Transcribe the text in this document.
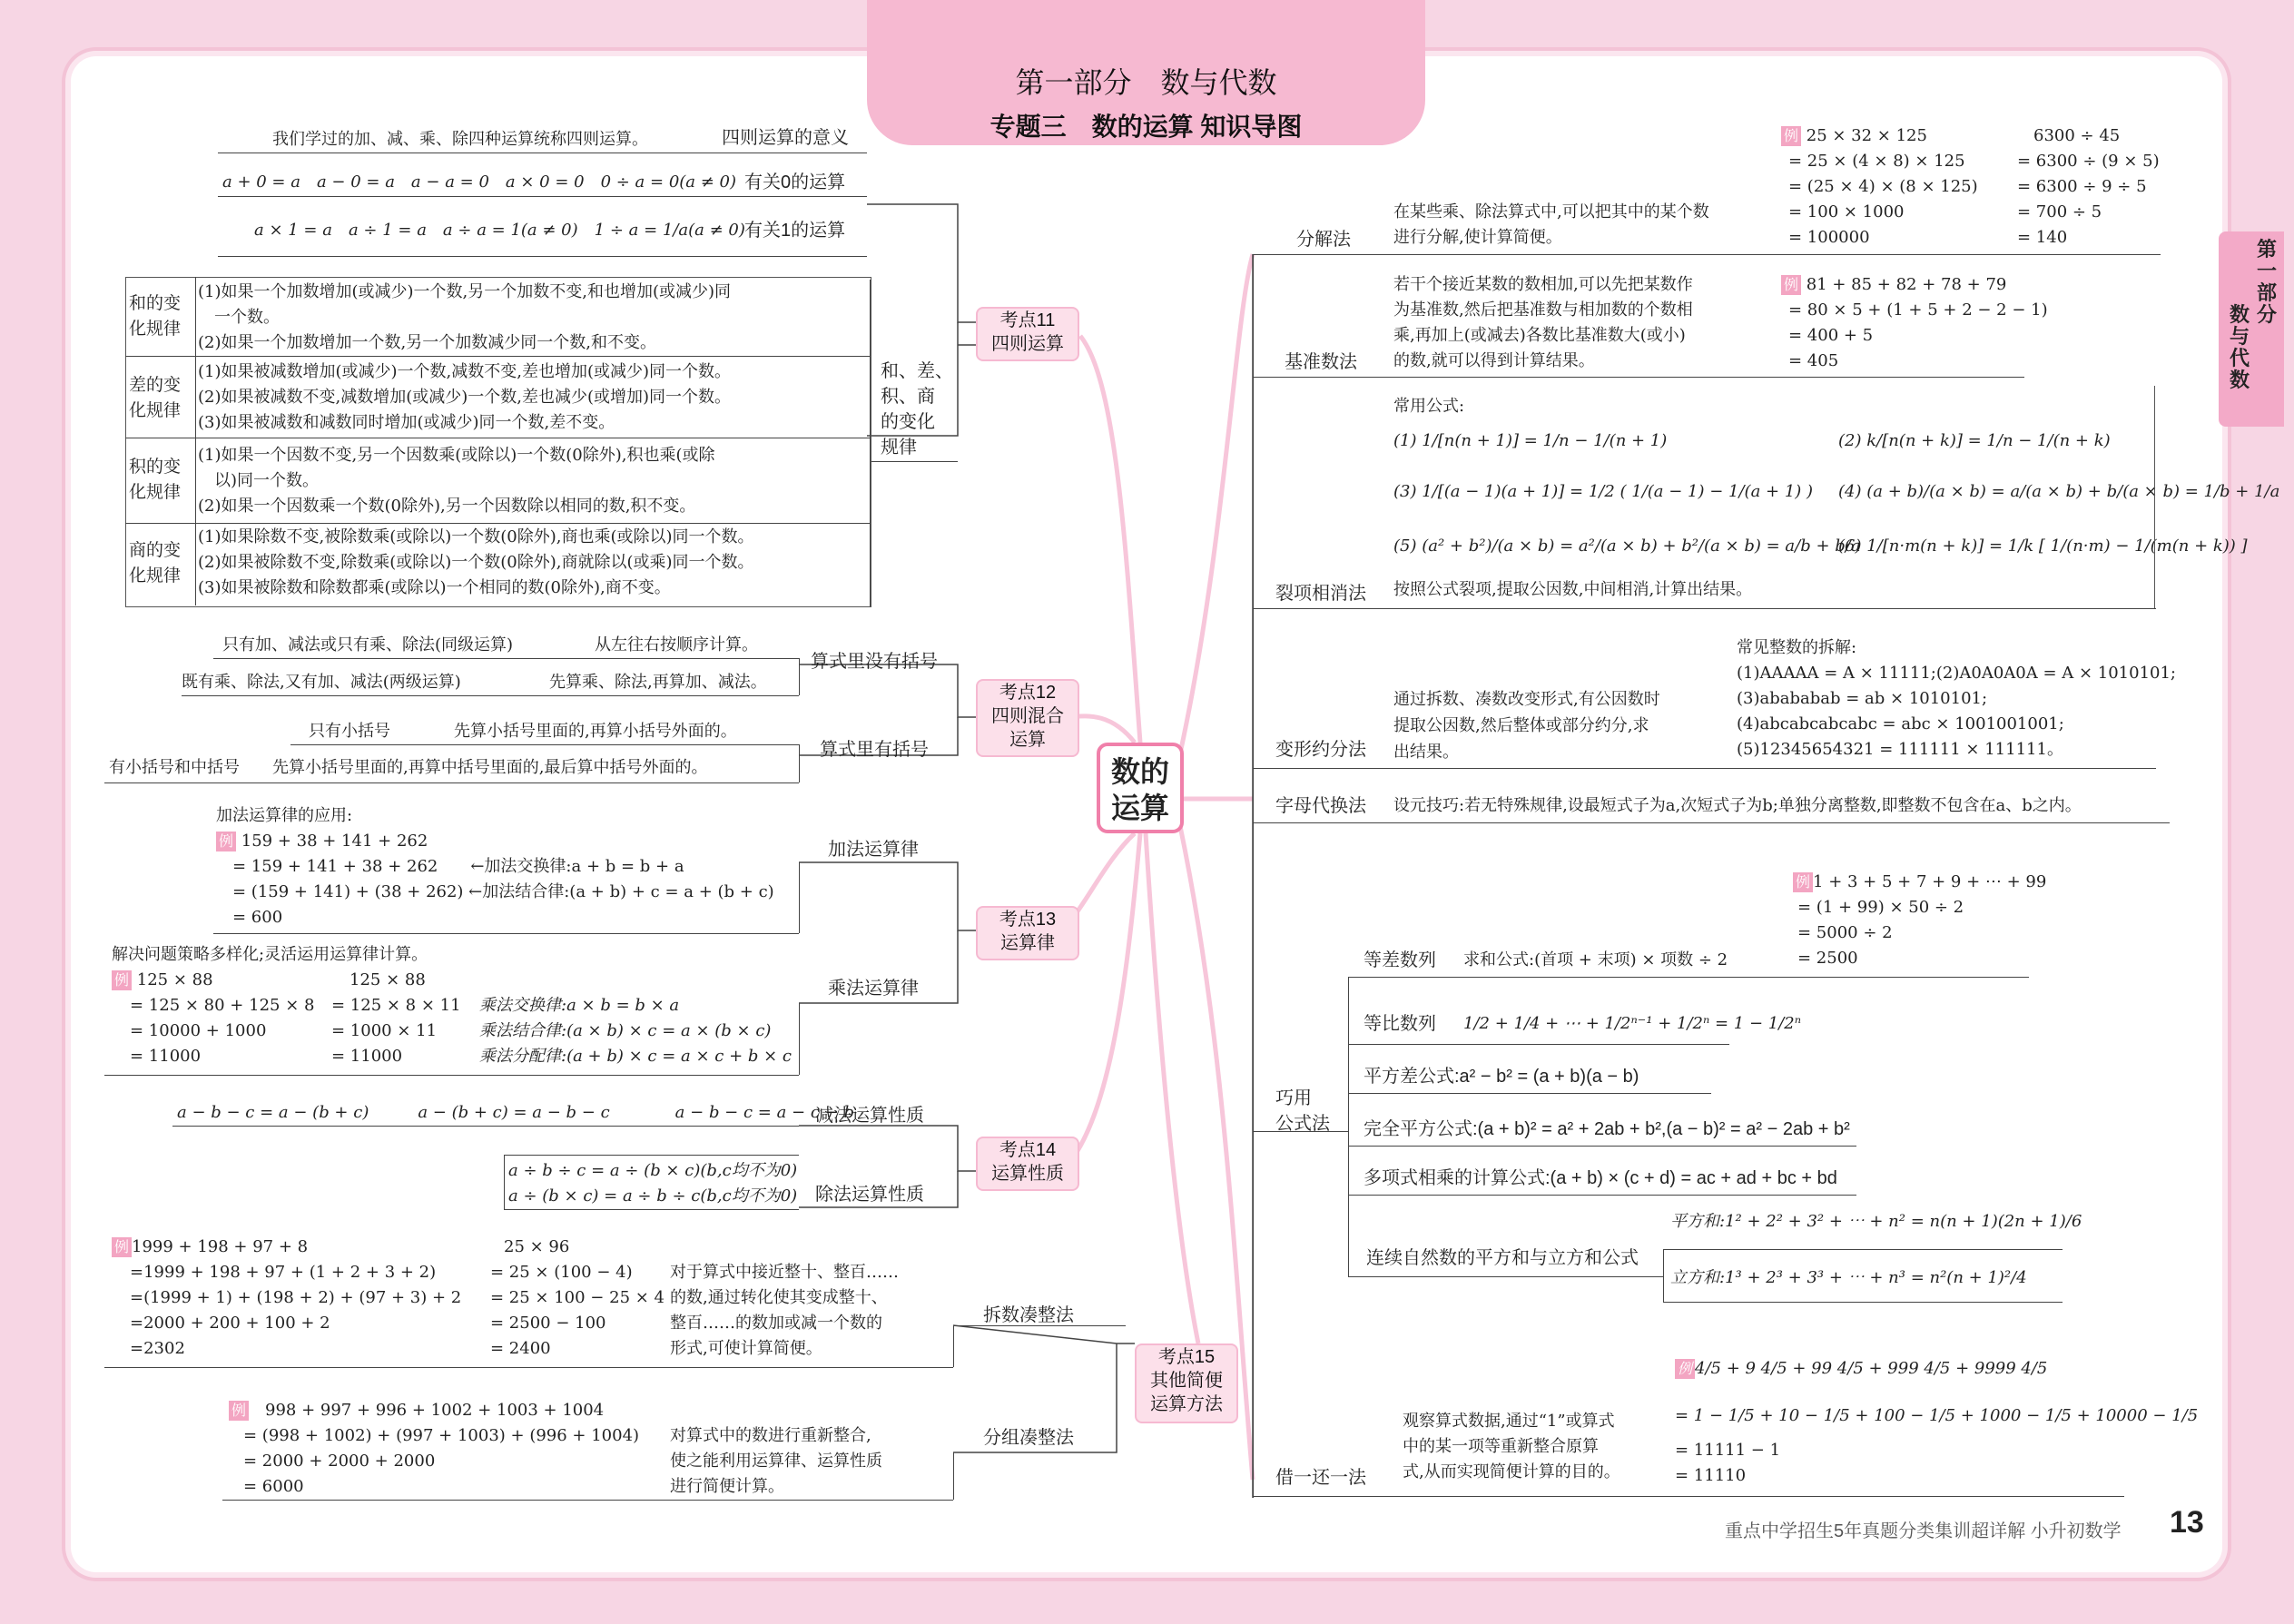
第一部分　数与代数
专题三　数的运算 知识导图
第一部分
数与代数
数的运算
考点11
四则运算
考点12
四则混合
运算
考点13
运算律
考点14
运算性质
考点15
其他简便
运算方法
我们学过的加、减、乘、除四种运算统称四则运算。	四则运算的意义
a + 0 = a　a − 0 = a　a − a = 0　a × 0 = 0　0 ÷ a = 0(a ≠ 0) 有关0的运算
a × 1 = a　a ÷ 1 = a　a ÷ a = 1(a ≠ 0)　1 ÷ a = 1/a(a ≠ 0) 有关1的运算
和、差、
积、商
的变化
规律
和的变
化规律
(1)如果一个加数增加(或减少)一个数,另一个加数不变,和也增加(或减少)同
　一个数。
(2)如果一个加数增加一个数,另一个加数减少同一个数,和不变。
差的变
化规律
(1)如果被减数增加(或减少)一个数,减数不变,差也增加(或减少)同一个数。
(2)如果被减数不变,减数增加(或减少)一个数,差也减少(或增加)同一个数。
(3)如果被减数和减数同时增加(或减少)同一个数,差不变。
积的变
化规律
(1)如果一个因数不变,另一个因数乘(或除以)一个数(0除外),积也乘(或除
　以)同一个数。
(2)如果一个因数乘一个数(0除外),另一个因数除以相同的数,积不变。
商的变
化规律
(1)如果除数不变,被除数乘(或除以)一个数(0除外),商也乘(或除以)同一个数。
(2)如果被除数不变,除数乘(或除以)一个数(0除外),商就除以(或乘)同一个数。
(3)如果被除数和除数都乘(或除以)一个相同的数(0除外),商不变。
只有加、减法或只有乘、除法(同级运算)	从左往右按顺序计算。
既有乘、除法,又有加、减法(两级运算)	先算乘、除法,再算加、减法。
算式里没有括号
只有小括号	先算小括号里面的,再算小括号外面的。
有小括号和中括号 先算小括号里面的,再算中括号里面的,最后算中括号外面的。
算式里有括号
加法运算律的应用:
例 159 + 38 + 141 + 262
= 159 + 141 + 38 + 262　　←加法交换律:a + b = b + a
= (159 + 141) + (38 + 262) ←加法结合律:(a + b) + c = a + (b + c)
= 600
加法运算律
解决问题策略多样化;灵活运用运算律计算。
例 125 × 88
= 125 × 80 + 125 × 8
= 10000 + 1000
= 11000
125 × 88
= 125 × 8 × 11
= 1000 × 11
= 11000
乘法交换律:a × b = b × a
乘法结合律:(a × b) × c = a × (b × c)
乘法分配律:(a + b) × c = a × c + b × c
乘法运算律
a − b − c = a − (b + c)　　　a − (b + c) = a − b − c　　　　a − b − c = a − c − b
减法运算性质
a ÷ b ÷ c = a ÷ (b × c)(b,c均不为0)
a ÷ (b × c) = a ÷ b ÷ c(b,c均不为0) 除法运算性质
例 1999 + 198 + 97 + 8
=1999 + 198 + 97 + (1 + 2 + 3 + 2)
=(1999 + 1) + (198 + 2) + (97 + 3) + 2
=2000 + 200 + 100 + 2
=2302
25 × 96
= 25 × (100 − 4)
= 25 × 100 − 25 × 4
= 2500 − 100
= 2400
对于算式中接近整十、整百……
的数,通过转化使其变成整十、
整百……的数加或减一个数的
形式,可使计算简便。
拆数凑整法
例　 998 + 997 + 996 + 1002 + 1003 + 1004
= (998 + 1002) + (997 + 1003) + (996 + 1004)
= 2000 + 2000 + 2000
= 6000
对算式中的数进行重新整合,
使之能利用运算律、运算性质
进行简便计算。
分组凑整法
分解法
在某些乘、除法算式中,可以把其中的某个数
进行分解,使计算简便。
例 25 × 32 × 125
= 25 × (4 × 8) × 125
= (25 × 4) × (8 × 125)
= 100 × 1000
= 100000
6300 ÷ 45
= 6300 ÷ (9 × 5)
= 6300 ÷ 9 ÷ 5
= 700 ÷ 5
= 140
基准数法
若干个接近某数的数相加,可以先把某数作
为基准数,然后把基准数与相加数的个数相
乘,再加上(或减去)各数比基准数大(或小)
的数,就可以得到计算结果。
例 81 + 85 + 82 + 78 + 79
= 80 × 5 + (1 + 5 + 2 − 2 − 1)
= 400 + 5
= 405
常用公式:
(1) 1/[n(n + 1)] = 1/n − 1/(n + 1)	(2) k/[n(n + k)] = 1/n − 1/(n + k)
(3) 1/[(a − 1)(a + 1)] = 1/2 ( 1/(a − 1) − 1/(a + 1) ) (4) (a + b)/(a × b) = a/(a × b) + b/(a × b) = 1/b + 1/a
(5) (a² + b²)/(a × b) = a²/(a × b) + b²/(a × b) = a/b + b/a
(6) 1/[n·m(n + k)] = 1/k [ 1/(n·m) − 1/(m(n + k)) ]
按照公式裂项,提取公因数,中间相消,计算出结果。
裂项相消法
通过拆数、凑数改变形式,有公因数时
提取公因数,然后整体或部分约分,求
出结果。
常见整数的拆解:
(1)AAAAA = A × 11111;(2)A0A0A0A = A × 1010101;
(3)abababab = ab × 1010101;
(4)abcabcabcabc = abc × 1001001001;
(5)12345654321 = 111111 × 111111。
变形约分法
字母代换法 设元技巧:若无特殊规律,设最短式子为a,次短式子为b;单独分离整数,即整数不包含在a、b之内。
例 1 + 3 + 5 + 7 + 9 + ⋯ + 99
= (1 + 99) × 50 ÷ 2
= 5000 ÷ 2
= 2500
等差数列 求和公式:(首项 + 末项) × 项数 ÷ 2
等比数列 1/2 + 1/4 + ⋯ + 1/2ⁿ⁻¹ + 1/2ⁿ = 1 − 1/2ⁿ
平方差公式:a² − b² = (a + b)(a − b)
完全平方公式:(a + b)² = a² + 2ab + b²,(a − b)² = a² − 2ab + b²
多项式相乘的计算公式:(a + b) × (c + d) = ac + ad + bc + bd
平方和:1² + 2² + 3² + ⋯ + n² = n(n + 1)(2n + 1)/6
立方和:1³ + 2³ + 3³ + ⋯ + n³ = n²(n + 1)²/4
连续自然数的平方和与立方和公式
巧用
公式法
例 4/5 + 9 4/5 + 99 4/5 + 999 4/5 + 9999 4/5
= 1 − 1/5 + 10 − 1/5 + 100 − 1/5 + 1000 − 1/5 + 10000 − 1/5
= 11111 − 1
= 11110
观察算式数据,通过“1”或算式
中的某一项等重新整合原算
式,从而实现简便计算的目的。
借一还一法
重点中学招生5年真题分类集训超详解 小升初数学 13
